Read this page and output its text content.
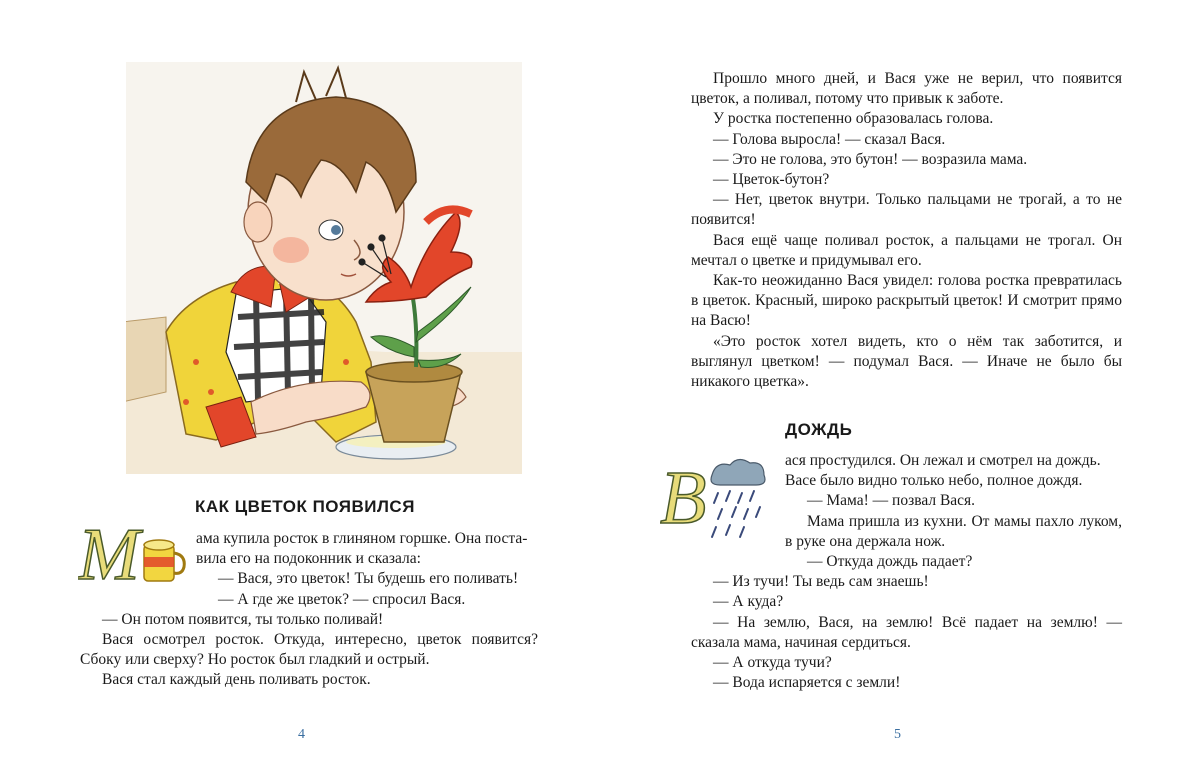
КАК ЦВЕТОК ПОЯВИЛСЯ
M	ама купила росток в глиняном горшке. Она поста-

вила его на подоконник и сказала:

— Вася, это цветок! Ты будешь его поливать!

— А где же цветок? — спросил Вася.

— Он потом появится, ты только поливай!

Вася осмотрел росток. Откуда, интересно, цветок появится? Сбоку или сверху? Но росток был гладкий и острый.

Вася стал каждый день поливать росток.

4

Прошло много дней, и Вася уже не верил, что появится цветок, а поливал, потому что привык к заботе.

У ростка постепенно образовалась голова.

— Голова выросла! — сказал Вася.

— Это не голова, это бутон! — возразила мама.

— Цветок-бутон?

— Нет, цветок внутри. Только пальцами не трогай, а то не появится!

Вася ещё чаще поливал росток, а пальцами не трогал. Он мечтал о цветке и придумывал его.

Как-то неожиданно Вася увидел: голова ростка превратилась в цветок. Красный, широко раскрытый цветок! И смотрит прямо на Васю!

«Это росток хотел видеть, кто о нём так заботится, и выглянул цветком! — подумал Вася. — Иначе не было бы никакого цветка».

ДОЖДЬ
В	ася простудился. Он лежал и смотрел на дождь.

Васе было видно только небо, полное дождя.

— Мама! — позвал Вася.

Мама пришла из кухни. От мамы пахло луком, в руке она держала нож.

— Откуда дождь падает?

— Из тучи! Ты ведь сам знаешь!

— А куда?

— На землю, Вася, на землю! Всё падает на землю! — сказала мама, начиная сердиться.

— А откуда тучи?

— Вода испаряется с земли!

5
